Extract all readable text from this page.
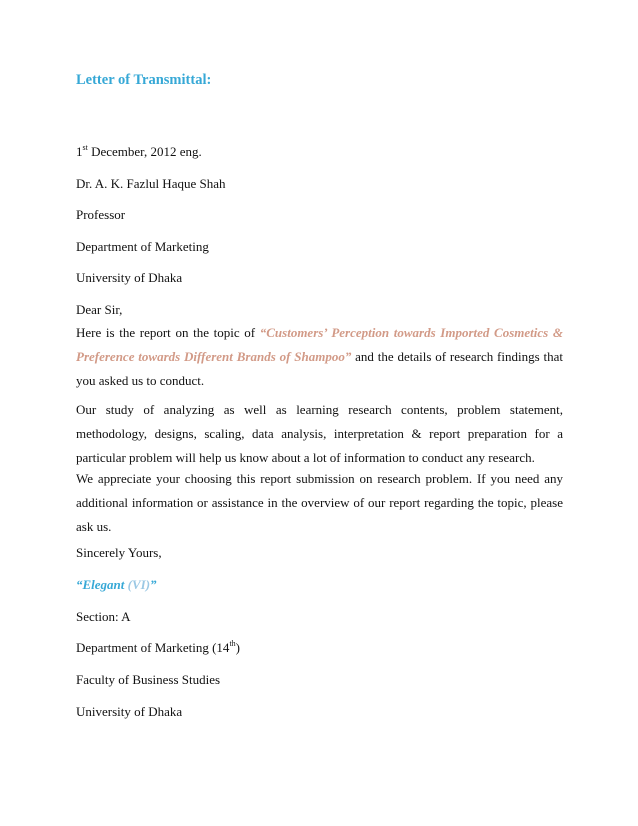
Letter of Transmittal:

1st December, 2012 eng.

Dr. A. K. Fazlul Haque Shah

Professor

Department of Marketing

University of Dhaka

Dear Sir,

Here is the report on the topic of “Customers’ Perception towards Imported Cosmetics & Preference towards Different Brands of Shampoo” and the details of research findings that you asked us to conduct.

Our study of analyzing as well as learning research contents, problem statement, methodology, designs, scaling, data analysis, interpretation & report preparation for a particular problem will help us know about a lot of information to conduct any research.

We appreciate your choosing this report submission on research problem. If you need any additional information or assistance in the overview of our report regarding the topic, please ask us.

Sincerely Yours,

“Elegant (VI)”

Section: A

Department of Marketing (14th)

Faculty of Business Studies

University of Dhaka
